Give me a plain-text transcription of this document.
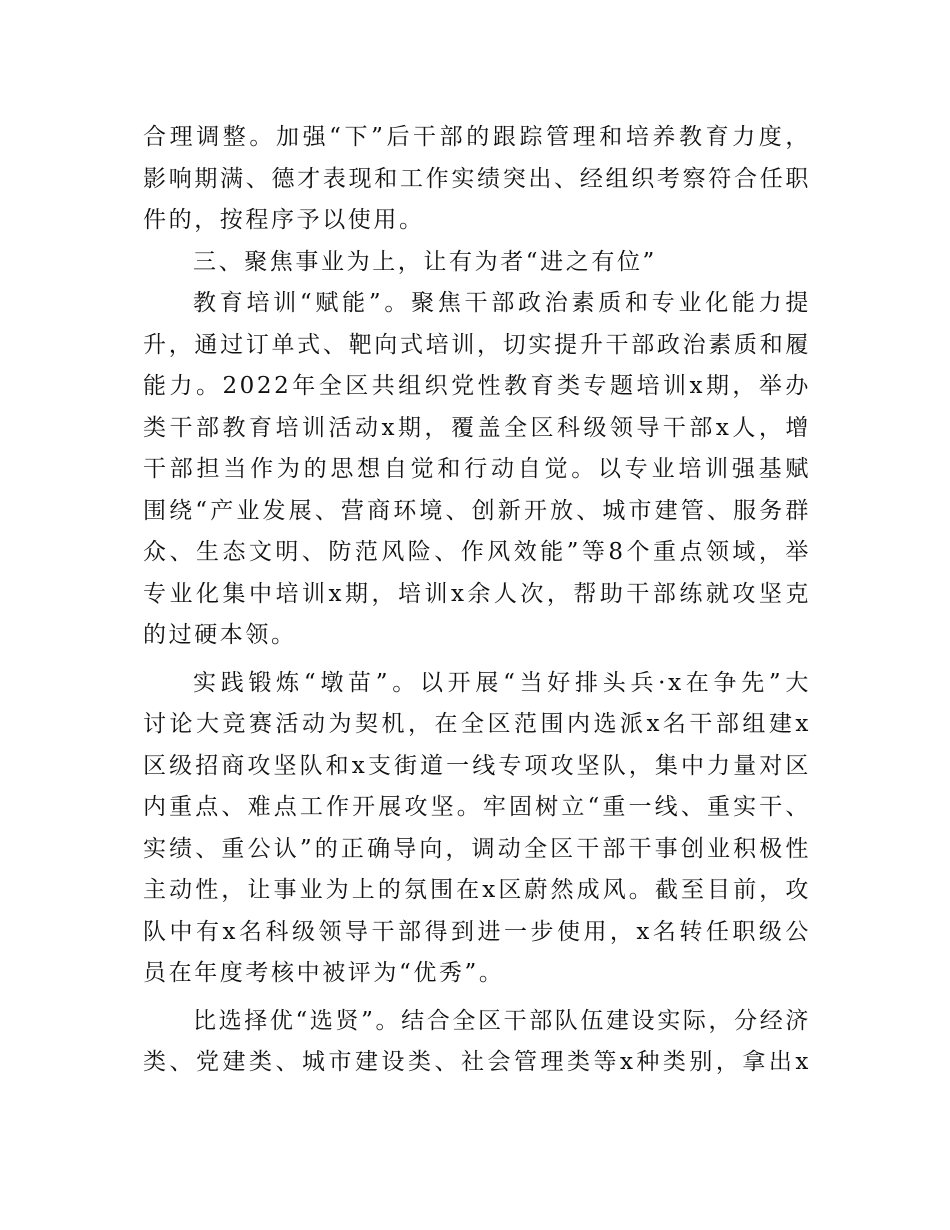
合理调整。加强“下”后干部的跟踪管理和培养教育力度，
影响期满、德才表现和工作实绩突出、经组织考察符合任职
件的，按程序予以使用。
三、聚焦事业为上，让有为者“进之有位”
教育培训“赋能”。聚焦干部政治素质和专业化能力提
升，通过订单式、靶向式培训，切实提升干部政治素质和履
能力。2022年全区共组织党性教育类专题培训x期，举办
类干部教育培训活动x期，覆盖全区科级领导干部x人，增
干部担当作为的思想自觉和行动自觉。以专业培训强基赋
围绕“产业发展、营商环境、创新开放、城市建管、服务群
众、生态文明、防范风险、作风效能”等8个重点领域，举
专业化集中培训x期，培训x余人次，帮助干部练就攻坚克
的过硬本领。
实践锻炼“墩苗”。以开展“当好排头兵·x在争先”大
讨论大竞赛活动为契机，在全区范围内选派x名干部组建x
区级招商攻坚队和x支街道一线专项攻坚队，集中力量对区
内重点、难点工作开展攻坚。牢固树立“重一线、重实干、
实绩、重公认”的正确导向，调动全区干部干事创业积极性
主动性，让事业为上的氛围在x区蔚然成风。截至目前，攻
队中有x名科级领导干部得到进一步使用，x名转任职级公
员在年度考核中被评为“优秀”。
比选择优“选贤”。结合全区干部队伍建设实际，分经济
类、党建类、城市建设类、社会管理类等x种类别，拿出x
